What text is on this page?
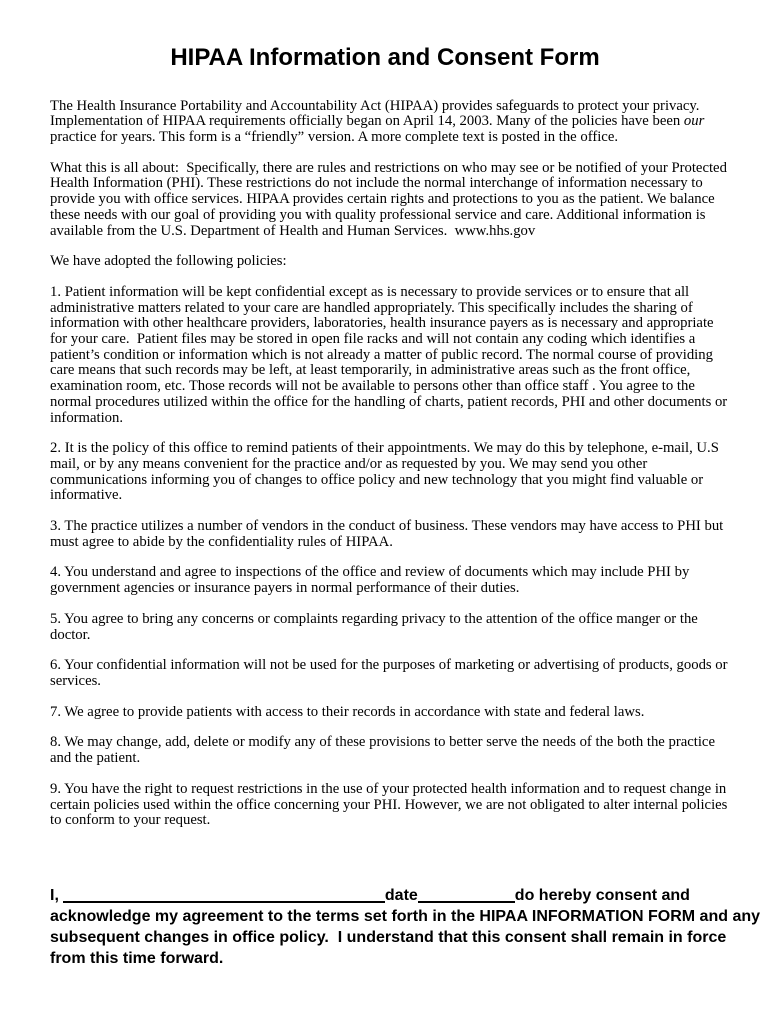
HIPAA Information and Consent Form

The Health Insurance Portability and Accountability Act (HIPAA) provides safeguards to protect your privacy. Implementation of HIPAA requirements officially began on April 14, 2003. Many of the policies have been our practice for years. This form is a “friendly” version. A more complete text is posted in the office.

What this is all about:  Specifically, there are rules and restrictions on who may see or be notified of your Protected Health Information (PHI). These restrictions do not include the normal interchange of information necessary to provide you with office services. HIPAA provides certain rights and protections to you as the patient. We balance these needs with our goal of providing you with quality professional service and care. Additional information is available from the U.S. Department of Health and Human Services.  www.hhs.gov

We have adopted the following policies:

1. Patient information will be kept confidential except as is necessary to provide services or to ensure that all administrative matters related to your care are handled appropriately. This specifically includes the sharing of information with other healthcare providers, laboratories, health insurance payers as is necessary and appropriate for your care.  Patient files may be stored in open file racks and will not contain any coding which identifies a patient’s condition or information which is not already a matter of public record. The normal course of providing care means that such records may be left, at least temporarily, in administrative areas such as the front office, examination room, etc. Those records will not be available to persons other than office staff . You agree to the normal procedures utilized within the office for the handling of charts, patient records, PHI and other documents or information.

2. It is the policy of this office to remind patients of their appointments. We may do this by telephone, e-mail, U.S mail, or by any means convenient for the practice and/or as requested by you. We may send you other communications informing you of changes to office policy and new technology that you might find valuable or informative.

3. The practice utilizes a number of vendors in the conduct of business. These vendors may have access to PHI but must agree to abide by the confidentiality rules of HIPAA.

4. You understand and agree to inspections of the office and review of documents which may include PHI by government agencies or insurance payers in normal performance of their duties.

5. You agree to bring any concerns or complaints regarding privacy to the attention of the office manger or the doctor.

6. Your confidential information will not be used for the purposes of marketing or advertising of products, goods or services.

7. We agree to provide patients with access to their records in accordance with state and federal laws.

8. We may change, add, delete or modify any of these provisions to better serve the needs of the both the practice and the patient.

9. You have the right to request restrictions in the use of your protected health information and to request change in certain policies used within the office concerning your PHI. However, we are not obligated to alter internal policies to conform to your request.

I,	date	do hereby consent and
acknowledge my agreement to the terms set forth in the HIPAA INFORMATION FORM and any
subsequent changes in office policy.  I understand that this consent shall remain in force
from this time forward.
